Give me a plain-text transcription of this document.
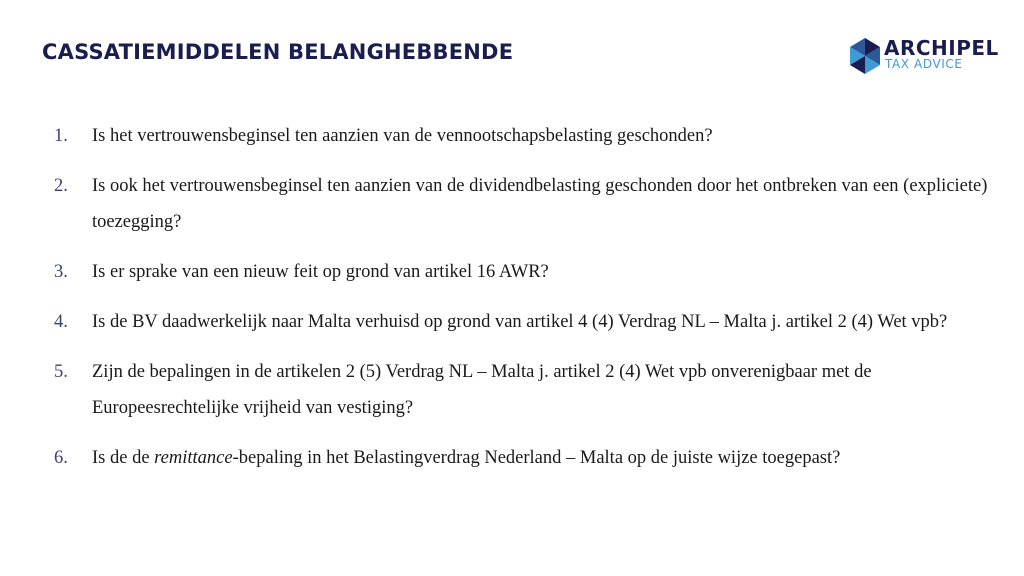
CASSATIEMIDDELEN BELANGHEBBENDE	ARCHIPEL
TAX ADVICE
1. Is het vertrouwensbeginsel ten aanzien van de vennootschapsbelasting geschonden?
2. Is ook het vertrouwensbeginsel ten aanzien van de dividendbelasting geschonden door het ontbreken van een (expliciete) toezegging?
3. Is er sprake van een nieuw feit op grond van artikel 16 AWR?
4. Is de BV daadwerkelijk naar Malta verhuisd op grond van artikel 4 (4) Verdrag NL – Malta j. artikel 2 (4) Wet vpb?
5. Zijn de bepalingen in de artikelen 2 (5) Verdrag NL – Malta j. artikel 2 (4) Wet vpb onverenigbaar met de Europeesrechtelijke vrijheid van vestiging?
6. Is de de remittance-bepaling in het Belastingverdrag Nederland – Malta op de juiste wijze toegepast?
